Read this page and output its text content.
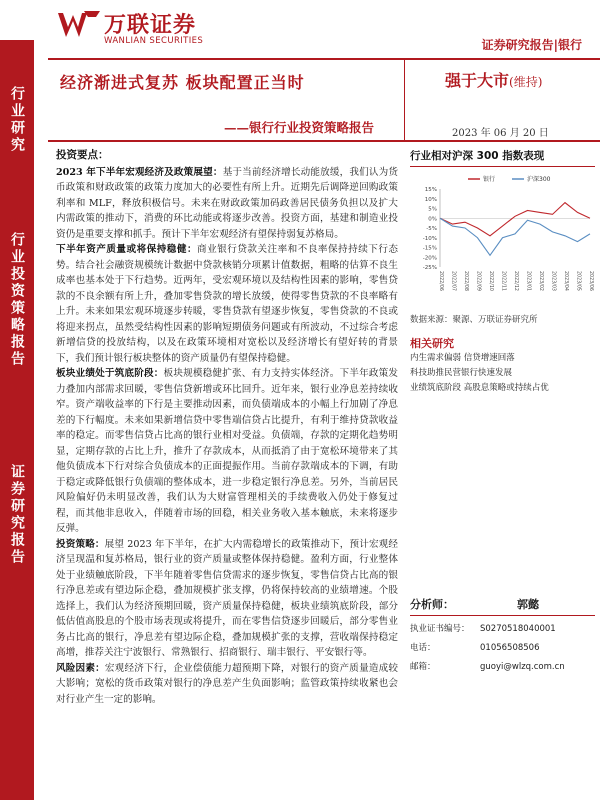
万联证券
WANLIAN SECURITIES	证券研究报告|银行
行业研究
行业投资策略报告
证券研究报告
经济渐进式复苏 板块配置正当时
——银行行业投资策略报告
强于大市(维持)
2023 年 06 月 20 日
投资要点：

2023 年下半年宏观经济及政策展望：基于当前经济增长动能放缓，我们认为货币政策和财政政策的政策力度加大的必要性有所上升。近期先后调降逆回购政策利率和 MLF，释放积极信号。未来在财政政策加码政善居民债务负担以及扩大内需政策的推动下，消费的环比动能或将逐步改善。投资方面，基建和制造业投资仍是重要支撑和抓手。预计下半年宏观经济有望保持弱复苏格局。

下半年资产质量或将保持稳健：商业银行贷款关注率和不良率保持持续下行态势。结合社会融资规模统计数据中贷款核销分项累计值数据，粗略的估算不良生成率也基本处于下行趋势。近两年，受宏观环境以及结构性因素的影响，零售贷款的不良余额有所上升，叠加零售贷款的增长放缓，使得零售贷款的不良率略有上升。未来如果宏观环境逐步转暖，零售贷款有望逐步恢复，零售贷款的不良或将迎来拐点，虽然受结构性因素的影响短期债务问题或有所波动，不过综合考虑新增信贷的投放结构，以及在政策环境相对宽松以及经济增长有望好转的背景下，我们预计银行板块整体的资产质量仍有望保持稳健。

板块业绩处于筑底阶段：板块规模稳健扩张、有力支持实体经济。下半年政策发力叠加内部需求回暖，零售信贷新增或环比回升。近年来，银行业净息差持续收窄。资产端收益率的下行是主要推动因素，而负债端成本的小幅上行加剧了净息差的下行幅度。未来如果新增信贷中零售端信贷占比提升，有利于维持贷款收益率的稳定。而零售信贷占比高的银行业相对受益。负债端，存款的定期化趋势明显，定期存款的占比上升，推升了存款成本，从而抵消了由于宽松环境带来了其他负债成本下行对综合负债成本的正面提振作用。当前存款端成本的下调，有助于稳定或降低银行负债端的整体成本，进一步稳定银行净息差。另外，当前居民风险偏好仍未明显改善，我们认为大财富管理相关的手续费收入仍处于修复过程，而其他非息收入，伴随着市场的回稳，相关业务收入基本触底，未来将逐步反弹。

投资策略：展望 2023 年下半年，在扩大内需稳增长的政策推动下，预计宏观经济呈现温和复苏格局，银行业的资产质量或整体保持稳健。盈利方面，行业整体处于业绩触底阶段，下半年随着零售信贷需求的逐步恢复，零售信贷占比高的银行净息差或有望边际企稳，叠加规模扩张支撑，仍将保持较高的业绩增速。个股选择上，我们认为经济预期回暖，资产质量保持稳健，板块业绩筑底阶段，部分低估值高股息的个股市场表现或将提升，而在零售信贷逐步回暖后，部分零售业务占比高的银行，净息差有望边际企稳，叠加规模扩张的支撑，营收端保持稳定高增，推荐关注宁波银行、常熟银行、招商银行、瑞丰银行、平安银行等。

风险因素：宏观经济下行，企业偿债能力超预期下降，对银行的资产质量造成较大影响；宽松的货币政策对银行的净息差产生负面影响；监管政策持续收紧也会对行业产生一定的影响。

行业相对沪深 300 指数表现
15%
10%
5%
0%
-5%
-10%
-15%
-20%
-25%
2022/06 2022/07 2022/08 2022/09 2022/10 2022/11 2022/12 2023/01 2023/02 2023/03 2023/04 2023/05 2023/06
银行	沪深300
数据来源：聚源、万联证券研究所
相关研究
内生需求偏弱 信贷增速回落
科技助推民营银行快速发展
业绩筑底阶段 高股息策略或持续占优
分析师：	郭懿
执业证书编号：	S0270518040001
电话：	01056508506
邮箱：	guoyi@wlzq.com.cn
